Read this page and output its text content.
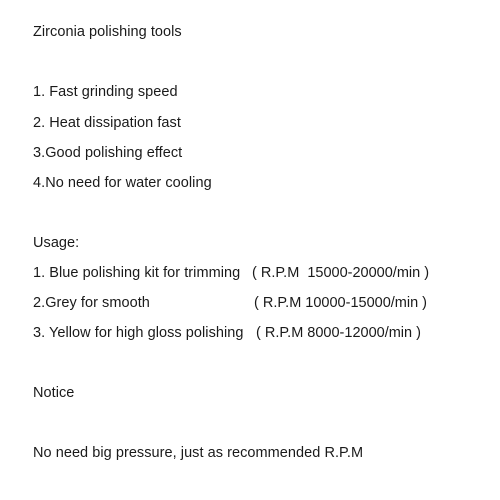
Zirconia polishing tools
1. Fast grinding speed
2. Heat dissipation fast
3.Good polishing effect
4.No need for water cooling
Usage:
1. Blue polishing kit for trimming ( R.P.M  15000-20000/min )
2.Grey for smooth	( R.P.M 10000-15000/min )
3. Yellow for high gloss polishing ( R.P.M 8000-12000/min )
Notice
No need big pressure, just as recommended R.P.M
